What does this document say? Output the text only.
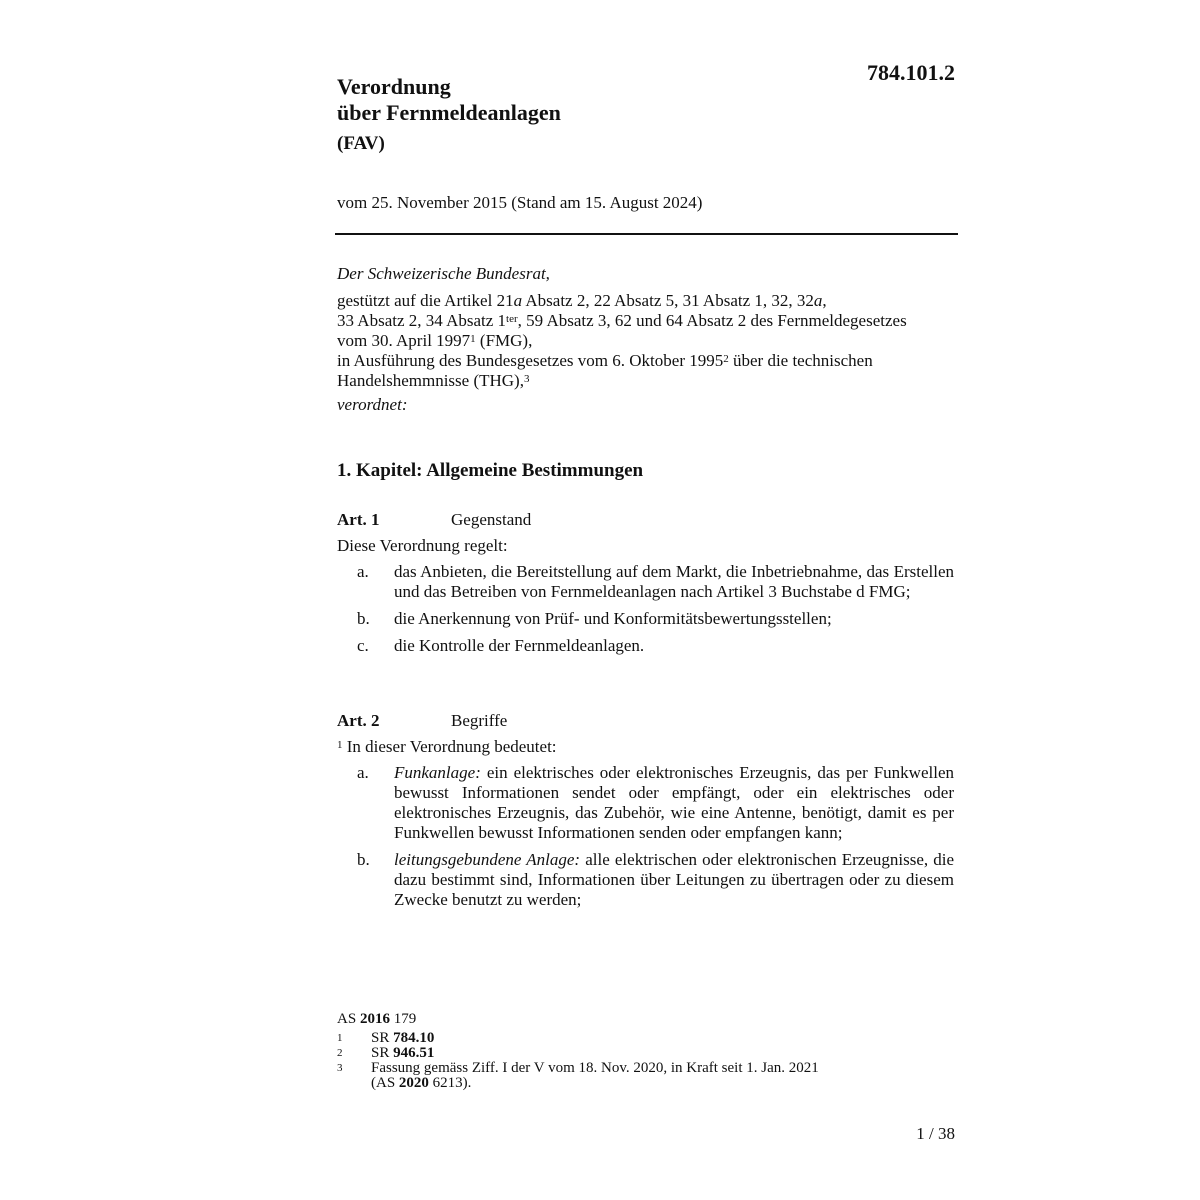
784.101.2
Verordnung
über Fernmeldeanlagen
(FAV)
vom 25. November 2015 (Stand am 15. August 2024)
Der Schweizerische Bundesrat,
gestützt auf die Artikel 21a Absatz 2, 22 Absatz 5, 31 Absatz 1, 32, 32a,
33 Absatz 2, 34 Absatz $1^{ter}$, 59 Absatz 3, 62 und 64 Absatz 2 des Fernmeldegesetzes
vom 30. April 1997$^1$ (FMG),
in Ausführung des Bundesgesetzes vom 6. Oktober 1995$^2$ über die technischen
Handelshemmnisse (THG),$^3$
verordnet:
1. Kapitel: Allgemeine Bestimmungen
Art. 1	Gegenstand
Diese Verordnung regelt:
a.	das Anbieten, die Bereitstellung auf dem Markt, die Inbetriebnahme, das Erstellen und das Betreiben von Fernmeldeanlagen nach Artikel 3 Buchstabe d FMG;
b.	die Anerkennung von Prüf- und Konformitätsbewertungsstellen;
c.	die Kontrolle der Fernmeldeanlagen.
Art. 2	Begriffe
$^1$ In dieser Verordnung bedeutet:
a.	Funkanlage: ein elektrisches oder elektronisches Erzeugnis, das per Funkwellen bewusst Informationen sendet oder empfängt, oder ein elektrisches oder elektronisches Erzeugnis, das Zubehör, wie eine Antenne, benötigt, damit es per Funkwellen bewusst Informationen senden oder empfangen kann;
b.	leitungsgebundene Anlage: alle elektrischen oder elektronischen Erzeugnisse, die dazu bestimmt sind, Informationen über Leitungen zu übertragen oder zu diesem Zwecke benutzt zu werden;
AS 2016 179
1	SR 784.10
2	SR 946.51
3	Fassung gemäss Ziff. I der V vom 18. Nov. 2020, in Kraft seit 1. Jan. 2021
(AS 2020 6213).
1 / 38
